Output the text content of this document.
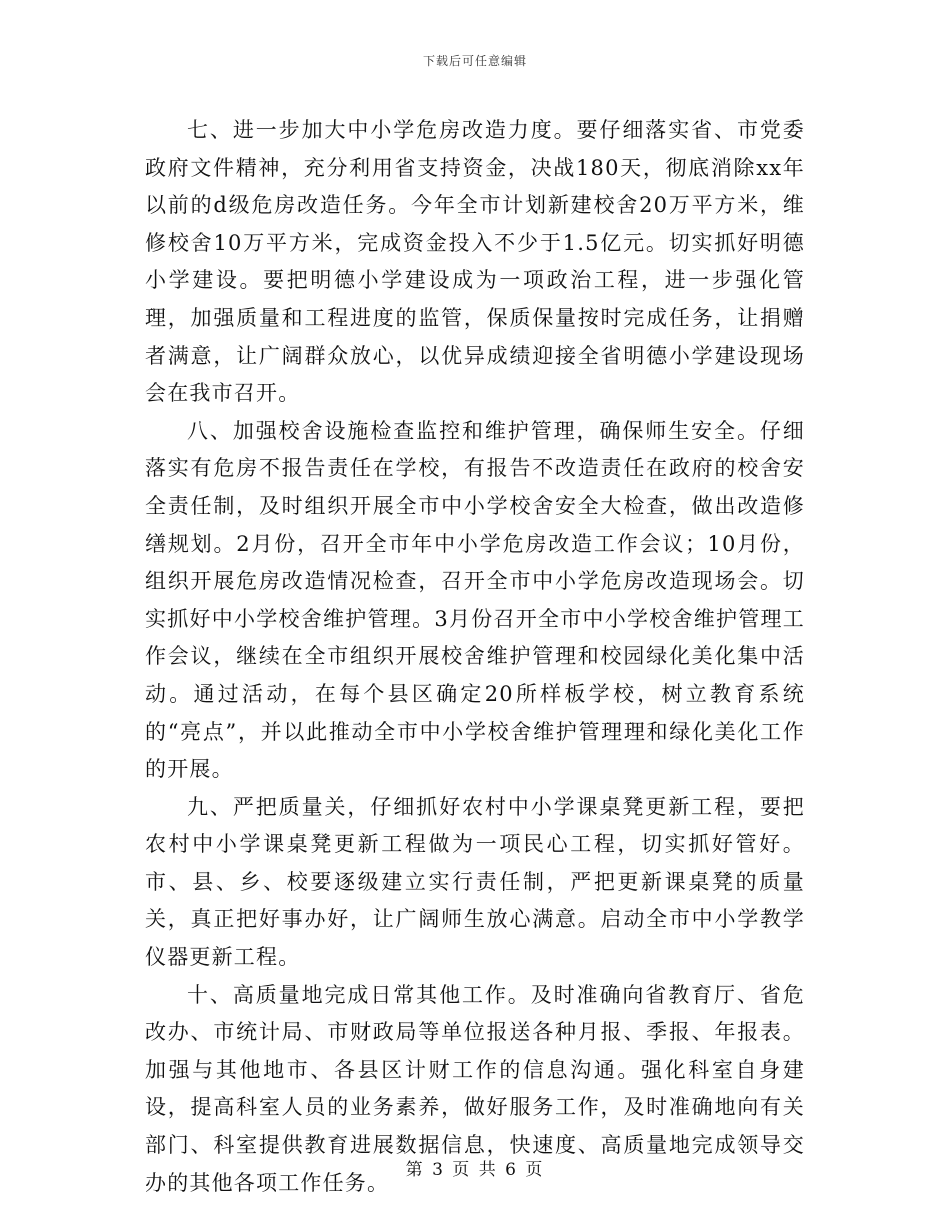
下载后可任意编辑

七、进一步加大中小学危房改造力度。要仔细落实省、市党委政府文件精神，充分利用省支持资金，决战180天，彻底消除xx年以前的d级危房改造任务。今年全市计划新建校舍20万平方米，维修校舍10万平方米，完成资金投入不少于1.5亿元。切实抓好明德小学建设。要把明德小学建设成为一项政治工程，进一步强化管理，加强质量和工程进度的监管，保质保量按时完成任务，让捐赠者满意，让广阔群众放心，以优异成绩迎接全省明德小学建设现场会在我市召开。

八、加强校舍设施检查监控和维护管理，确保师生安全。仔细落实有危房不报告责任在学校，有报告不改造责任在政府的校舍安全责任制，及时组织开展全市中小学校舍安全大检查，做出改造修缮规划。2月份，召开全市年中小学危房改造工作会议；10月份，组织开展危房改造情况检查，召开全市中小学危房改造现场会。切实抓好中小学校舍维护管理。3月份召开全市中小学校舍维护管理工作会议，继续在全市组织开展校舍维护管理和校园绿化美化集中活动。通过活动，在每个县区确定20所样板学校，树立教育系统的“亮点”，并以此推动全市中小学校舍维护管理理和绿化美化工作的开展。

九、严把质量关，仔细抓好农村中小学课桌凳更新工程，要把农村中小学课桌凳更新工程做为一项民心工程，切实抓好管好。市、县、乡、校要逐级建立实行责任制，严把更新课桌凳的质量关，真正把好事办好，让广阔师生放心满意。启动全市中小学教学仪器更新工程。

十、高质量地完成日常其他工作。及时准确向省教育厅、省危改办、市统计局、市财政局等单位报送各种月报、季报、年报表。加强与其他地市、各县区计财工作的信息沟通。强化科室自身建设，提高科室人员的业务素养，做好服务工作，及时准确地向有关部门、科室提供教育进展数据信息，快速度、高质量地完成领导交办的其他各项工作任务。

第 3 页 共 6 页
